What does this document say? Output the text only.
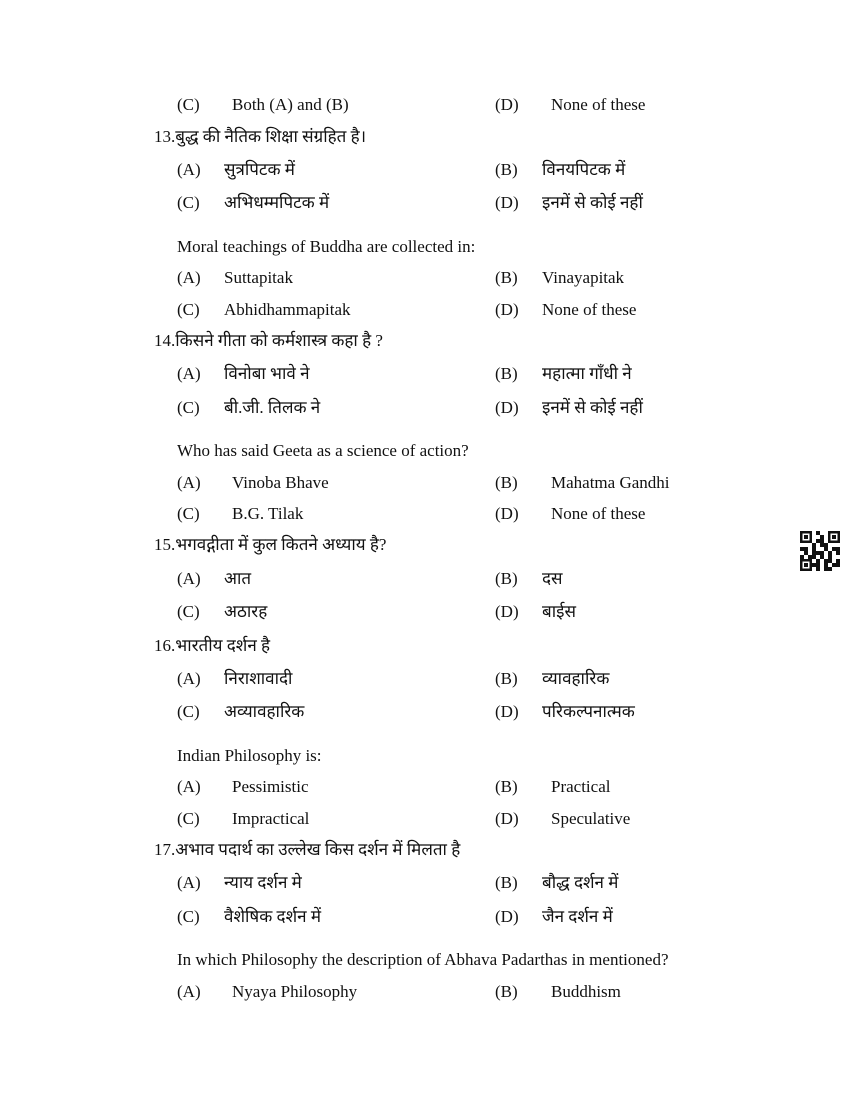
(C) Both (A) and (B)	(D) None of these
13.बुद्ध की नैतिक शिक्षा संग्रहित है।
(A) सुत्रपिटक में	(B) विनयपिटक में
(C) अभिधम्मपिटक में	(D) इनमें से कोई नहीं
Moral teachings of Buddha are collected in:
(A) Suttapitak	(B) Vinayapitak
(C) Abhidhammapitak	(D) None of these
14.किसने गीता को कर्मशास्त्र कहा है ?
(A) विनोबा भावे ने	(B) महात्मा गाँधी ने
(C) बी.जी. तिलक ने	(D) इनमें से कोई नहीं
Who has said Geeta as a science of action?
(A) Vinoba Bhave	(B) Mahatma Gandhi
(C) B.G. Tilak	(D) None of these
15.भगवद्गीता में कुल कितने अध्याय है?
(A) आत	(B) दस
(C) अठारह	(D) बाईस
16.भारतीय दर्शन है
(A) निराशावादी	(B) व्यावहारिक
(C) अव्यावहारिक	(D) परिकल्पनात्मक
Indian Philosophy is:
(A) Pessimistic	(B) Practical
(C) Impractical	(D) Speculative
17.अभाव पदार्थ का उल्लेख किस दर्शन में मिलता है
(A) न्याय दर्शन मे	(B) बौद्ध दर्शन में
(C) वैशेषिक दर्शन में	(D) जैन दर्शन में
In which Philosophy the description of Abhava Padarthas in mentioned?
(A) Nyaya Philosophy	(B) Buddhism
